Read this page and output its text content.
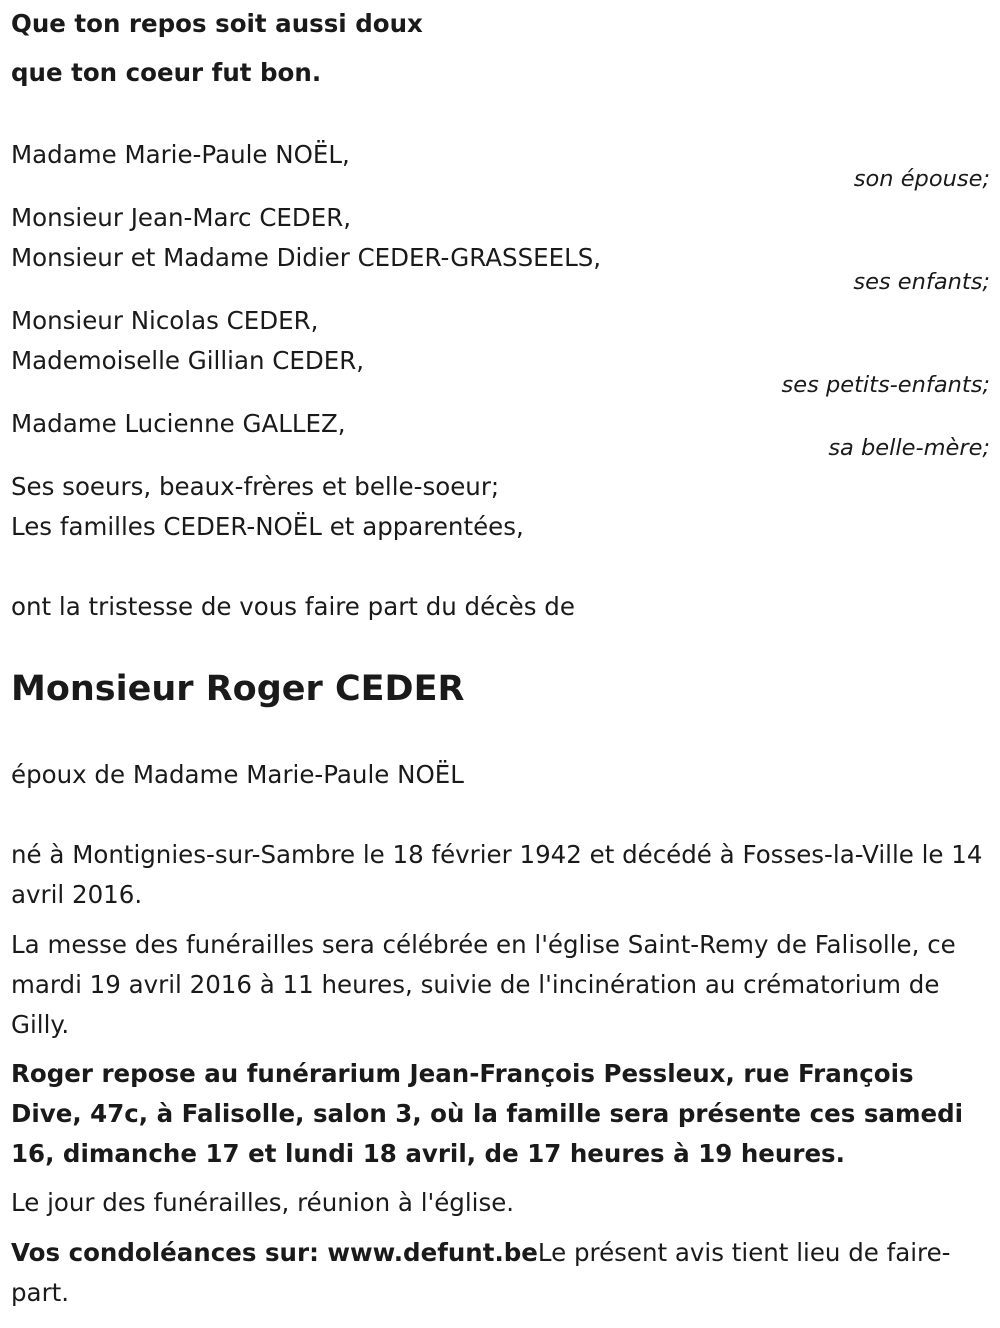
Que ton repos soit aussi doux
que ton coeur fut bon.
Madame Marie-Paule NOËL,
son épouse;
Monsieur Jean-Marc CEDER,
Monsieur et Madame Didier CEDER-GRASSEELS,
ses enfants;
Monsieur Nicolas CEDER,
Mademoiselle Gillian CEDER,
ses petits-enfants;
Madame Lucienne GALLEZ,
sa belle-mère;
Ses soeurs, beaux-frères et belle-soeur;
Les familles CEDER-NOËL et apparentées,
ont la tristesse de vous faire part du décès de
Monsieur Roger CEDER
époux de Madame Marie-Paule NOËL
né à Montignies-sur-Sambre le 18 février 1942 et décédé à Fosses-la-Ville le 14 avril 2016.
La messe des funérailles sera célébrée en l'église Saint-Remy de Falisolle, ce mardi 19 avril 2016 à 11 heures, suivie de l'incinération au crématorium de Gilly.
Roger repose au funérarium Jean-François Pessleux, rue François Dive, 47c, à Falisolle, salon 3, où la famille sera présente ces samedi 16, dimanche 17 et lundi 18 avril, de 17 heures à 19 heures.
Le jour des funérailles, réunion à l'église.
Vos condoléances sur: www.defunt.beLe présent avis tient lieu de faire-part.
